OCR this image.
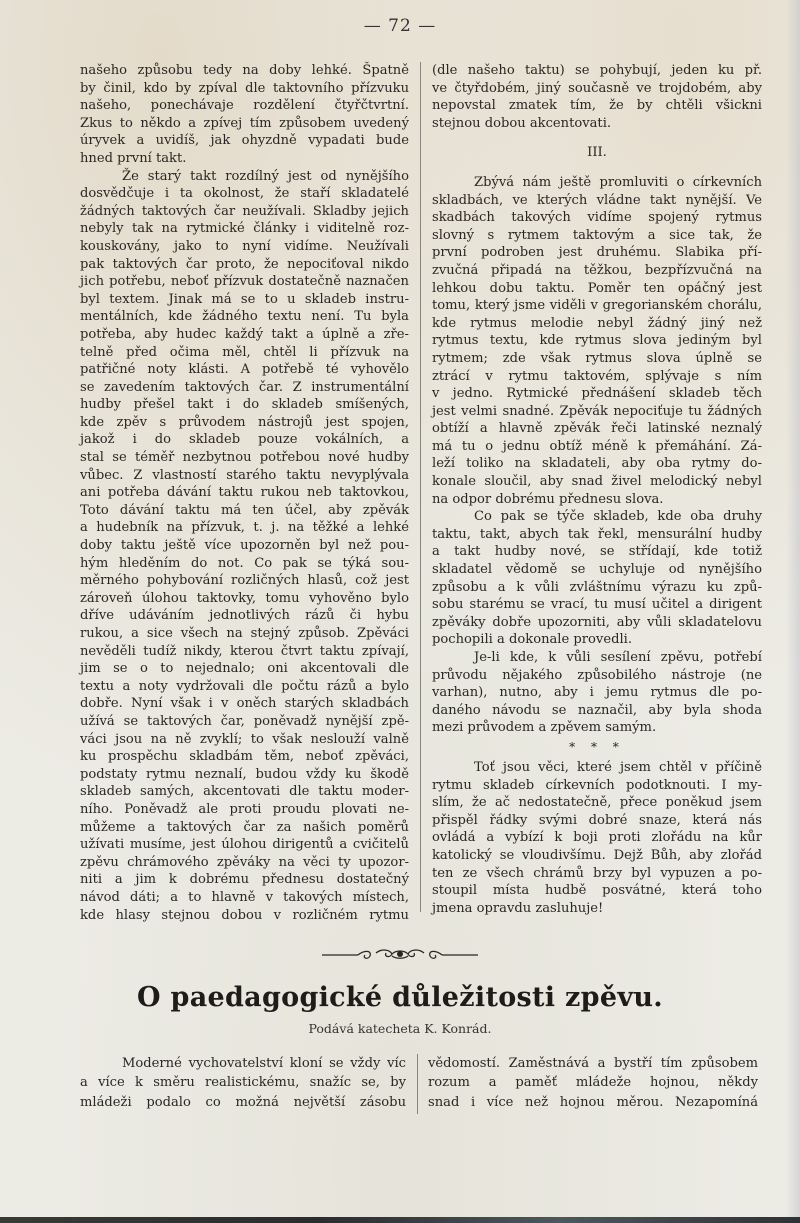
— 72 —
našeho způsobu tedy na doby lehké. Špatně
by činil, kdo by zpíval dle taktovního přízvuku
našeho, ponechávaje rozdělení čtyřčtvrtní.
Zkus to někdo a zpívej tím způsobem uvedený
úryvek a uvidíš, jak ohyzdně vypadati bude
hned první takt.
Že starý takt rozdílný jest od nynějšího
dosvědčuje i ta okolnost, že staří skladatelé
žádných taktových čar neužívali. Skladby jejich
nebyly tak na rytmické články i viditelně roz-
kouskovány, jako to nyní vidíme. Neužívali
pak taktových čar proto, že nepociťoval nikdo
jich potřebu, neboť přízvuk dostatečně naznačen
byl textem. Jinak má se to u skladeb instru-
mentálních, kde žádného textu není. Tu byla
potřeba, aby hudec každý takt a úplně a zře-
telně před očima měl, chtěl li přízvuk na
patřičné noty klásti. A potřebě té vyhovělo
se zavedením taktových čar. Z instrumentální
hudby přešel takt i do skladeb smíšených,
kde zpěv s průvodem nástrojů jest spojen,
jakož i do skladeb pouze vokálních, a
stal se téměř nezbytnou potřebou nové hudby
vůbec. Z vlastností starého taktu nevyplývala
ani potřeba dávání taktu rukou neb taktovkou,
Toto dávání taktu má ten účel, aby zpěvák
a hudebník na přízvuk, t. j. na těžké a lehké
doby taktu ještě více upozorněn byl než pou-
hým hleděním do not. Co pak se týká sou-
měrného pohybování rozličných hlasů, což jest
zároveň úlohou taktovky, tomu vyhověno bylo
dříve udáváním jednotlivých rázů či hybu
rukou, a sice všech na stejný způsob. Zpěváci
nevěděli tudíž nikdy, kterou čtvrt taktu zpívají,
jim se o to nejednalo; oni akcentovali dle
textu a noty vydržovali dle počtu rázů a bylo
dobře. Nyní však i v oněch starých skladbách
užívá se taktových čar, poněvadž nynější zpě-
váci jsou na ně zvyklí; to však neslouží valně
ku prospěchu skladbám těm, neboť zpěváci,
podstaty rytmu neznalí, budou vždy ku škodě
skladeb samých, akcentovati dle taktu moder-
ního. Poněvadž ale proti proudu plovati ne-
můžeme a taktových čar za našich poměrů
užívati musíme, jest úlohou dirigentů a cvičitelů
zpěvu chrámového zpěváky na věci ty upozor-
niti a jim k dobrému přednesu dostatečný
návod dáti; a to hlavně v takových místech,
kde hlasy stejnou dobou v rozličném rytmu
(dle našeho taktu) se pohybují, jeden ku př.
ve čtyřdobém, jiný současně ve trojdobém, aby
nepovstal zmatek tím, že by chtěli všickni
stejnou dobou akcentovati.
III.
Zbývá nám ještě promluviti o církevních
skladbách, ve kterých vládne takt nynější. Ve
skadbách takových vidíme spojený rytmus
slovný s rytmem taktovým a sice tak, že
první podroben jest druhému. Slabika pří-
zvučná připadá na těžkou, bezpřízvučná na
lehkou dobu taktu. Poměr ten opáčný jest
tomu, který jsme viděli v gregorianském chorálu,
kde rytmus melodie nebyl žádný jiný než
rytmus textu, kde rytmus slova jediným byl
rytmem; zde však rytmus slova úplně se
ztrácí v rytmu taktovém, splývaje s ním
v jedno. Rytmické přednášení skladeb těch
jest velmi snadné. Zpěvák nepociťuje tu žádných
obtíží a hlavně zpěvák řeči latinské neznalý
má tu o jednu obtíž méně k přemáhání. Zá-
leží toliko na skladateli, aby oba rytmy do-
konale sloučil, aby snad živel melodický nebyl
na odpor dobrému přednesu slova.
Co pak se týče skladeb, kde oba druhy
taktu, takt, abych tak řekl, mensurální hudby
a takt hudby nové, se střídají, kde totiž
skladatel vědomě se uchyluje od nynějšího
způsobu a k vůli zvláštnímu výrazu ku způ-
sobu starému se vrací, tu musí učitel a dirigent
zpěváky dobře upozorniti, aby vůli skladatelovu
pochopili a dokonale provedli.
Je-li kde, k vůli sesílení zpěvu, potřebí
průvodu nějakého způsobilého nástroje (ne
varhan), nutno, aby i jemu rytmus dle po-
daného návodu se naznačil, aby byla shoda
mezi průvodem a zpěvem samým.
* * *
Toť jsou věci, které jsem chtěl v příčině
rytmu skladeb církevních podotknouti. I my-
slím, že ač nedostatečně, přece poněkud jsem
přispěl řádky svými dobré snaze, která nás
ovládá a vybízí k boji proti zlořádu na kůr
katolický se vloudivšímu. Dejž Bůh, aby zlořád
ten ze všech chrámů brzy byl vypuzen a po-
stoupil místa hudbě posvátné, která toho
jmena opravdu zasluhuje!
O paedagogické důležitosti zpěvu.
Podává katecheta K. Konrád.
Moderné vychovatelství kloní se vždy víc
a více k směru realistickému, snažíc se, by
mládeži podalo co možná největší zásobu
vědomostí. Zaměstnává a bystří tím způsobem
rozum a paměť mládeže hojnou, někdy
snad i více než hojnou měrou. Nezapomíná
